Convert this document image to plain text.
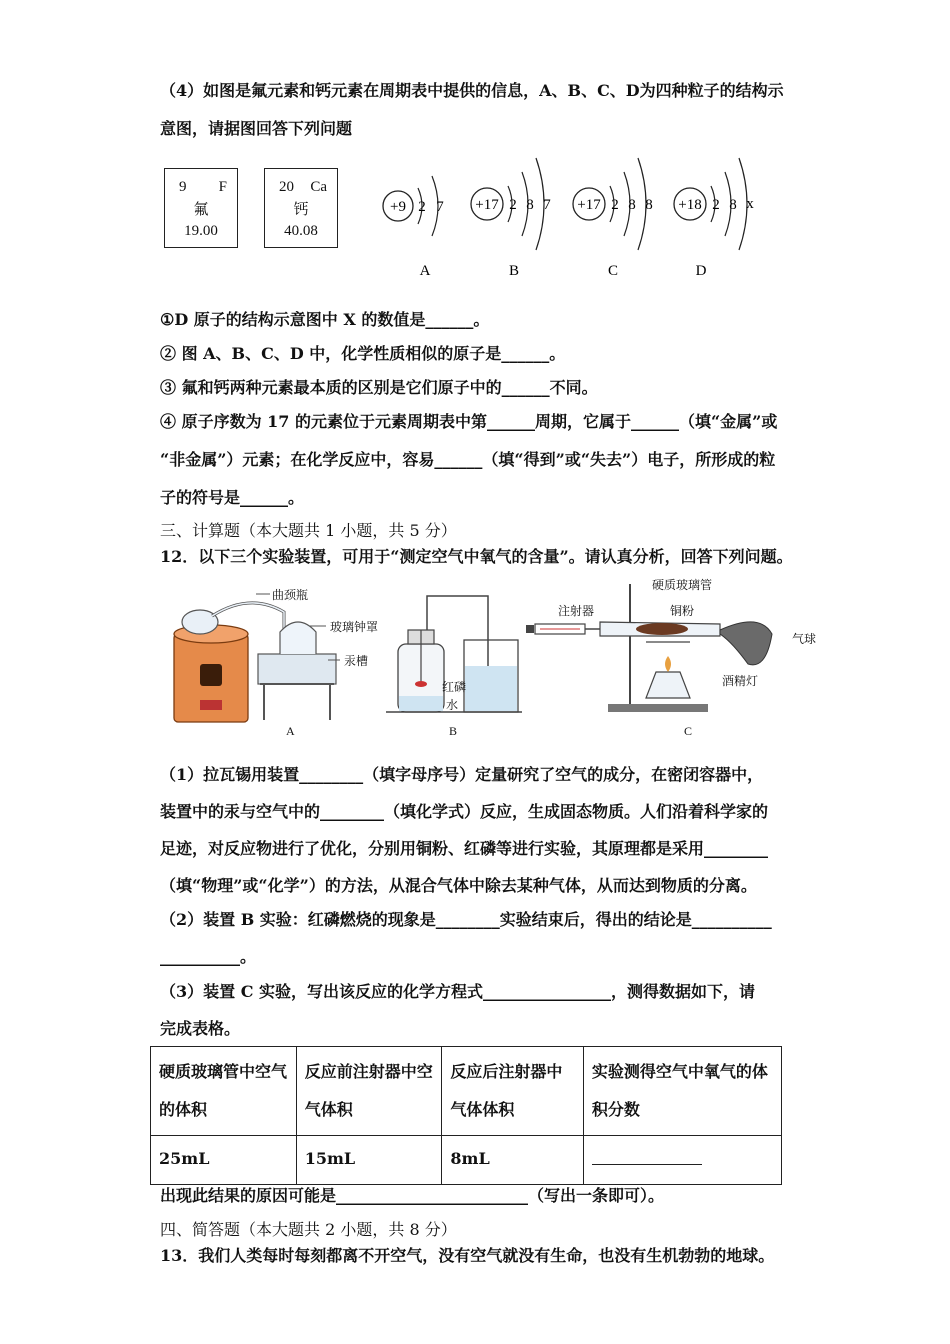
（4）如图是氟元素和钙元素在周期表中提供的信息，A、B、C、D为四种粒子的结构示
意图，请据图回答下列问题
9 F
氟
19.00
20 Ca
钙
40.08
+9 2 7 +17 2 8 7 +17 2 8 8 +18 2 8 x
A	B	C	D
①D 原子的结构示意图中 X 的数值是______。
② 图 A、B、C、D 中，化学性质相似的原子是______。
③ 氟和钙两种元素最本质的区别是它们原子中的______不同。
④ 原子序数为 17 的元素位于元素周期表中第______周期，它属于______（填“金属”或
“非金属”）元素；在化学反应中，容易______（填“得到”或“失去”）电子，所形成的粒
子的符号是______。
三、计算题（本大题共 1 小题，共 5 分）
12．以下三个实验装置，可用于“测定空气中氧气的含量”。请认真分析，回答下列问题。
曲颈瓶
玻璃钟罩
汞槽
红磷
水
注射器
硬质玻璃管
铜粉
气球
酒精灯
A	B	C
（1）拉瓦锡用装置________（填字母序号）定量研究了空气的成分，在密闭容器中，
装置中的汞与空气中的________（填化学式）反应，生成固态物质。人们沿着科学家的
足迹，对反应物进行了优化，分别用铜粉、红磷等进行实验，其原理都是采用________
（填“物理”或“化学”）的方法，从混合气体中除去某种气体，从而达到物质的分离。
（2）装置 B 实验：红磷燃烧的现象是________实验结束后，得出的结论是__________
__________。
（3）装置 C 实验，写出该反应的化学方程式________________，测得数据如下，请
完成表格。
硬质玻璃管中空气的体积	反应前注射器中空气体积	反应后注射器中气体体积	实验测得空气中氧气的体积分数
25mL	15mL	8mL	
出现此结果的原因可能是________________________（写出一条即可）。
四、简答题（本大题共 2 小题，共 8 分）
13．我们人类每时每刻都离不开空气，没有空气就没有生命，也没有生机勃勃的地球。
